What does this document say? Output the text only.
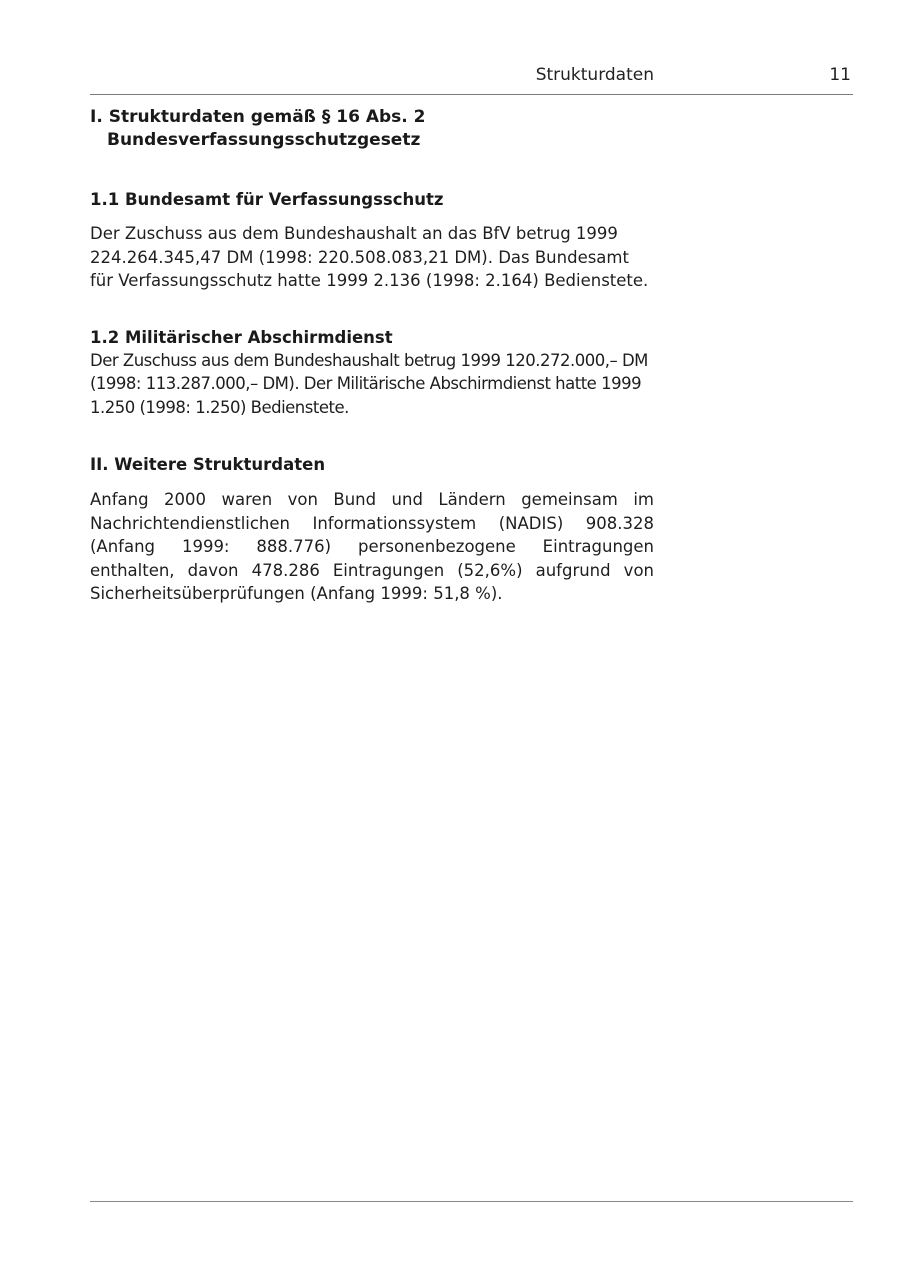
Strukturdaten	11
I. Strukturdaten gemäß § 16 Abs. 2
Bundesverfassungsschutzgesetz
1.1 Bundesamt für Verfassungsschutz

Der Zuschuss aus dem Bundeshaushalt an das BfV betrug 1999 224.264.345,47 DM (1998: 220.508.083,21 DM). Das Bundesamt für Verfassungsschutz hatte 1999 2.136 (1998: 2.164) Bedienstete.

1.2 Militärischer Abschirmdienst

Der Zuschuss aus dem Bundeshaushalt betrug 1999 120.272.000,– DM (1998: 113.287.000,– DM). Der Militärische Abschirmdienst hatte 1999 1.250 (1998: 1.250) Bedienstete.

II. Weitere Strukturdaten

Anfang 2000 waren von Bund und Ländern gemeinsam im Nachrichtendienstlichen Informationssystem (NADIS) 908.328 (Anfang 1999: 888.776) personenbezogene Eintragungen enthalten, davon 478.286 Eintragungen (52,6%) aufgrund von Sicherheitsüberprüfungen (Anfang 1999: 51,8 %).
